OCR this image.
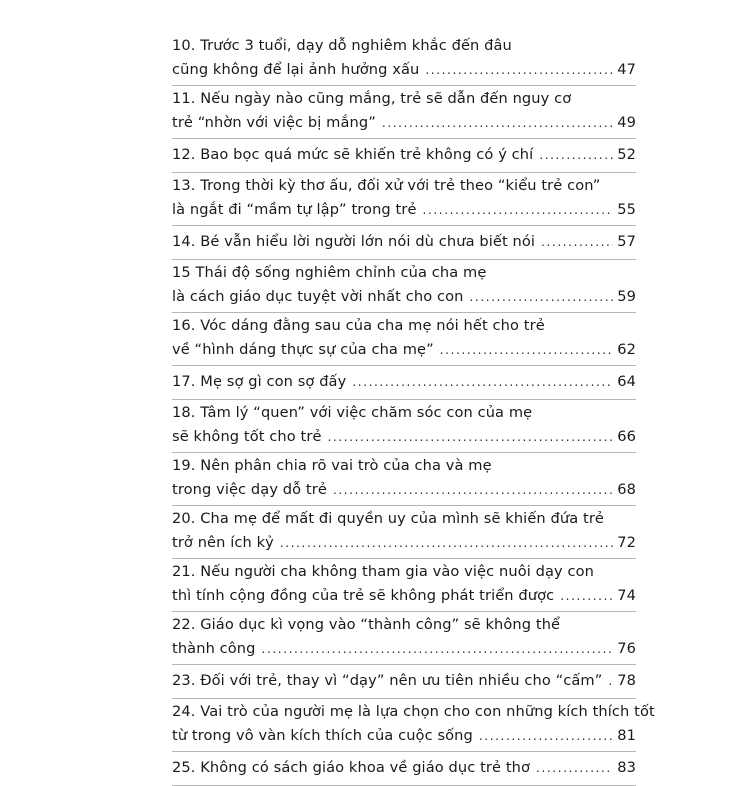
10. Trước 3 tuổi, dạy dỗ nghiêm khắc đến đâu
cũng không để lại ảnh hưởng xấu .....	47
11. Nếu ngày nào cũng mắng, trẻ sẽ dẫn đến nguy cơ
trẻ “nhờn với việc bị mắng” .....	49
12. Bao bọc quá mức sẽ khiến trẻ không có ý chí .....	52
13. Trong thời kỳ thơ ấu, đối xử với trẻ theo “kiểu trẻ con”
là ngắt đi “mầm tự lập” trong trẻ .....	55
14. Bé vẫn hiểu lời người lớn nói dù chưa biết nói .....	57
15 Thái độ sống nghiêm chỉnh của cha mẹ
là cách giáo dục tuyệt vời nhất cho con .....	59
16. Vóc dáng đằng sau của cha mẹ nói hết cho trẻ
về “hình dáng thực sự của cha mẹ” .....	62
17. Mẹ sợ gì con sợ đấy .....	64
18. Tâm lý “quen” với việc chăm sóc con của mẹ
sẽ không tốt cho trẻ .....	66
19. Nên phân chia rõ vai trò của cha và mẹ
trong việc dạy dỗ trẻ .....	68
20. Cha mẹ để mất đi quyền uy của mình sẽ khiến đứa trẻ
trở nên ích kỷ .....	72
21. Nếu người cha không tham gia vào việc nuôi dạy con
thì tính cộng đồng của trẻ sẽ không phát triển được .....	74
22. Giáo dục kì vọng vào “thành công” sẽ không thể
thành công .....	76
23. Đối với trẻ, thay vì “dạy” nên ưu tiên nhiều cho “cấm” ..... 78
24. Vai trò của người mẹ là lựa chọn cho con những kích thích tốt
từ trong vô vàn kích thích của cuộc sống .....	81
25. Không có sách giáo khoa về giáo dục trẻ thơ .....	83
